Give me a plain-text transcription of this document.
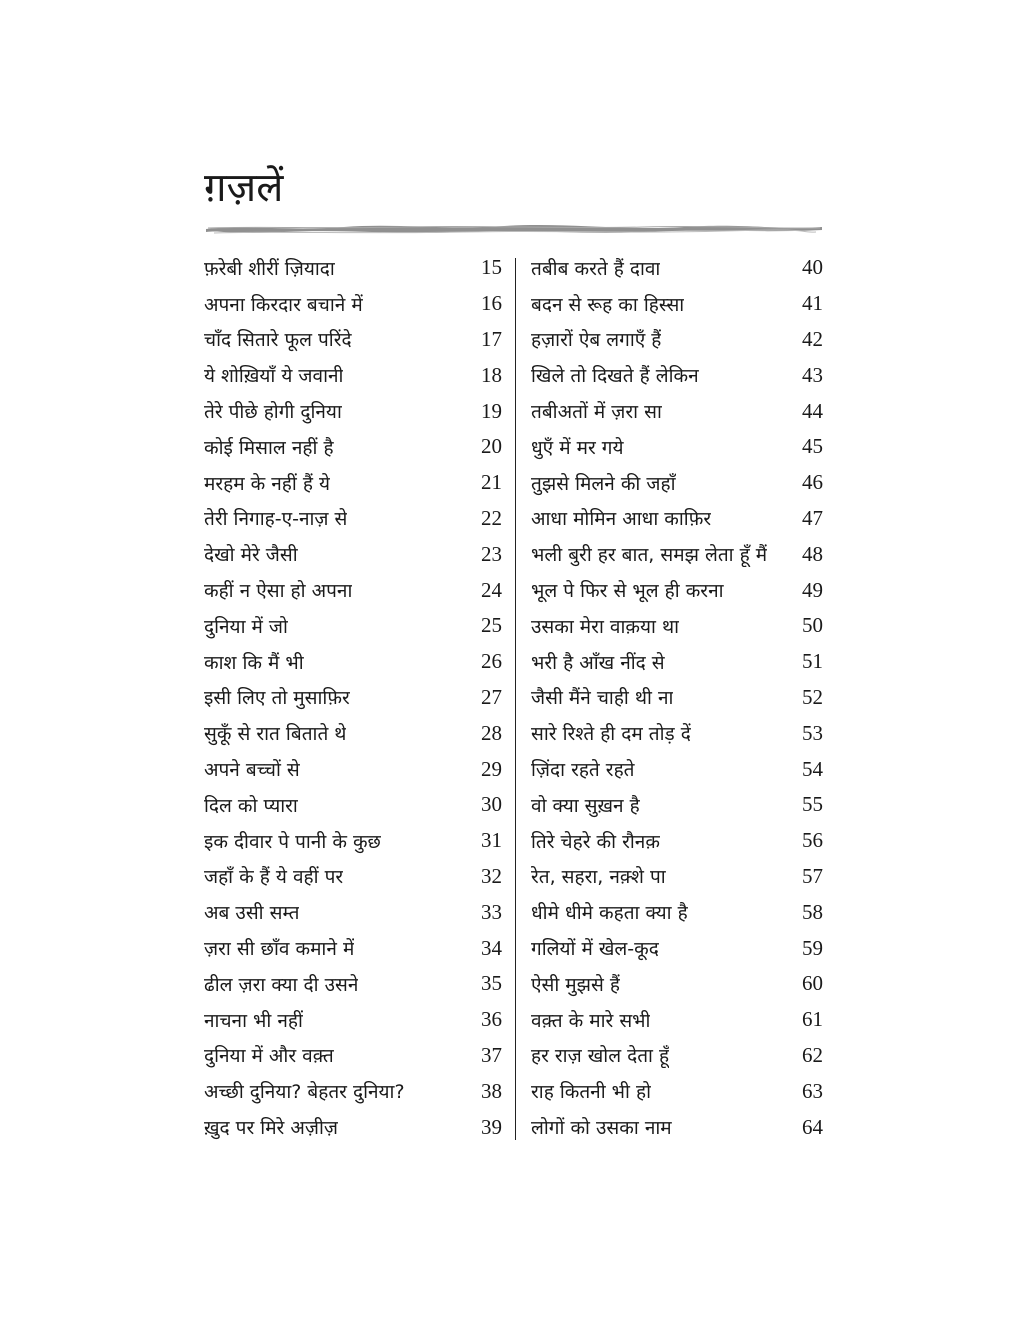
ग़ज़लें
फ़रेबी शीरीं ज़ियादा	15
अपना किरदार बचाने में	16
चाँद सितारे फूल परिंदे	17
ये शोख़ियाँ ये जवानी	18
तेरे पीछे होगी दुनिया	19
कोई मिसाल नहीं है	20
मरहम के नहीं हैं ये	21
तेरी निगाह-ए-नाज़ से	22
देखो मेरे जैसी	23
कहीं न ऐसा हो अपना	24
दुनिया में जो	25
काश कि मैं भी	26
इसी लिए तो मुसाफ़िर	27
सुकूँ से रात बिताते थे	28
अपने बच्चों से	29
दिल को प्यारा	30
इक दीवार पे पानी के कुछ	31
जहाँ के हैं ये वहीं पर	32
अब उसी सम्त	33
ज़रा सी छाँव कमाने में	34
ढील ज़रा क्या दी उसने	35
नाचना भी नहीं	36
दुनिया में और वक़्त	37
अच्छी दुनिया? बेहतर दुनिया?	38
ख़ुद पर मिरे अज़ीज़	39
तबीब करते हैं दावा	40
बदन से रूह का हिस्सा	41
हज़ारों ऐब लगाएँ हैं	42
खिले तो दिखते हैं लेकिन	43
तबीअतों में ज़रा सा	44
धुएँ में मर गये	45
तुझसे मिलने की जहाँ	46
आधा मोमिन आधा काफ़िर	47
भली बुरी हर बात, समझ लेता हूँ मैं	48
भूल पे फिर से भूल ही करना	49
उसका मेरा वाक़या था	50
भरी है आँख नींद से	51
जैसी मैंने चाही थी ना	52
सारे रिश्ते ही दम तोड़ दें	53
ज़िंदा रहते रहते	54
वो क्या सुख़न है	55
तिरे चेहरे की रौनक़	56
रेत, सहरा, नक़्शे पा	57
धीमे धीमे कहता क्या है	58
गलियों में खेल-कूद	59
ऐसी मुझसे हैं	60
वक़्त के मारे सभी	61
हर राज़ खोल देता हूँ	62
राह कितनी भी हो	63
लोगों को उसका नाम	64
